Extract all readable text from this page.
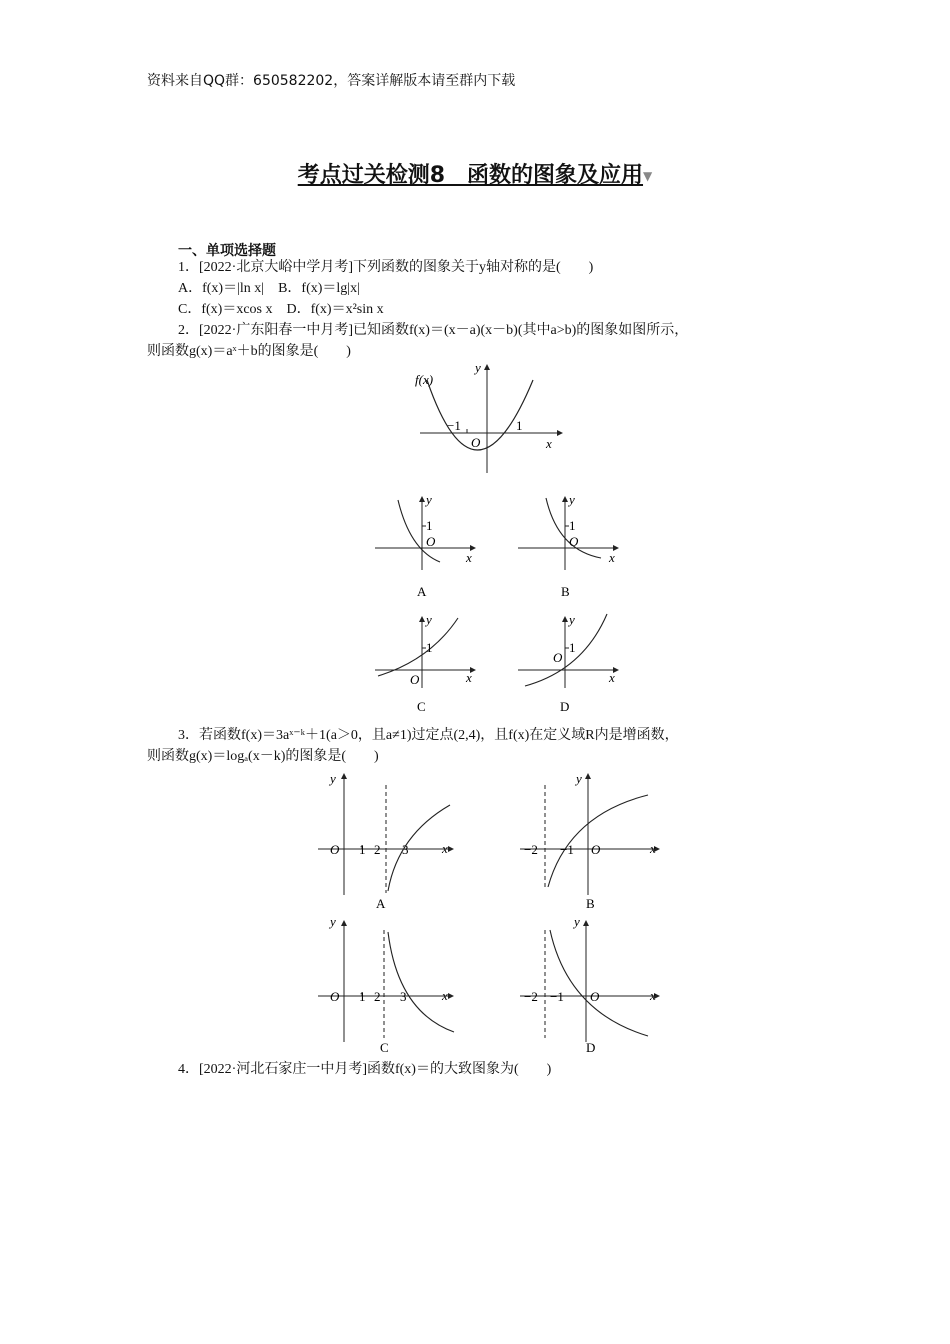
资料来自QQ群：650582202，答案详解版本请至群内下载
考点过关检测8　函数的图象及应用▼
一、单项选择题
1．[2022·北京大峪中学月考]下列函数的图象关于y轴对称的是(　　)
A．f(x)＝|ln x|　B．f(x)＝lg|x|
C．f(x)＝xcos x　D．f(x)＝x²sin x
2．[2022·广东阳春一中月考]已知函数f(x)＝(x－a)(x－b)(其中a>b)的图象如图所示，
则函数g(x)＝aˣ＋b的图象是(　　)
f(x)
y
x
O
−1	1
y
x
O
1
A
y
x
O
1
B
y
x
O
1
C
y
x
O
1
D
3．若函数f(x)＝3aˣ⁻ᵏ＋1(a＞0，且a≠1)过定点(2,4)，且f(x)在定义域R内是增函数，
则函数g(x)＝logₐ(x－k)的图象是(　　)
y
x
O 1 2 3
A
y
x
O
−2 −1
B
y
x
O 1 2 3
C
y
x
O
−2 −1
D
4．[2022·河北石家庄一中月考]函数f(x)＝的大致图象为(　　)
